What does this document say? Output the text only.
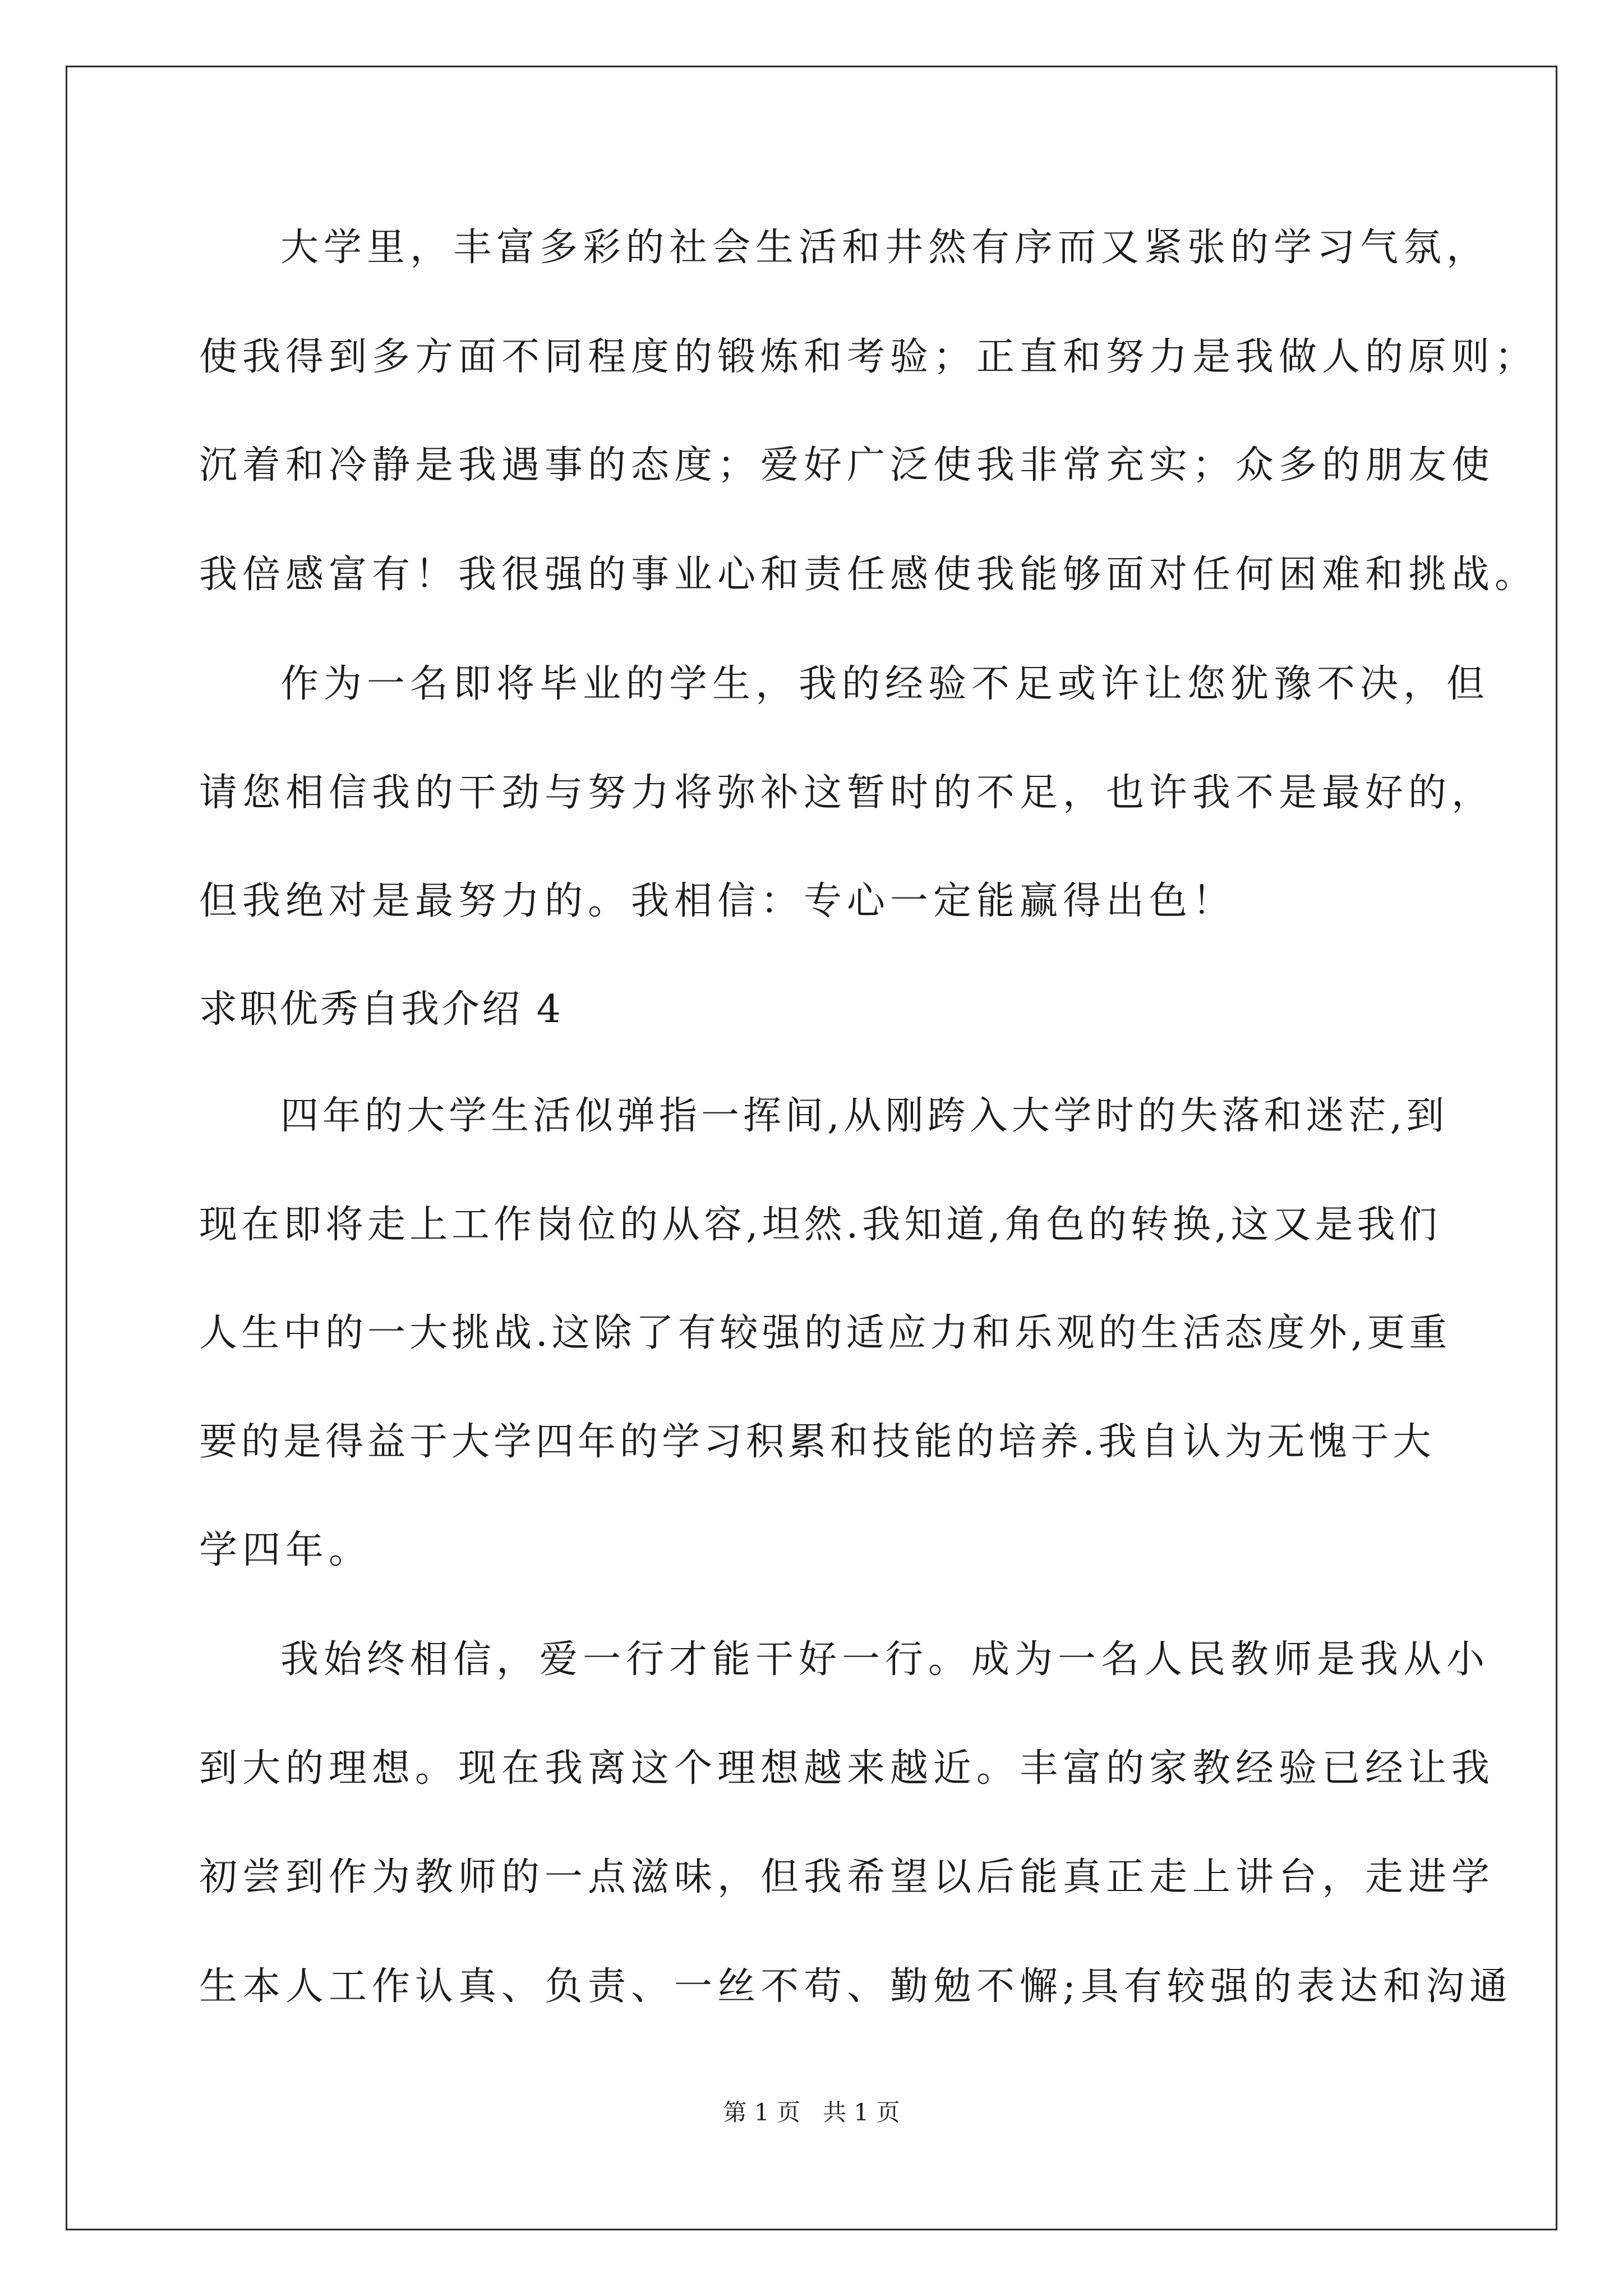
大学里，丰富多彩的社会生活和井然有序而又紧张的学习气氛，
使我得到多方面不同程度的锻炼和考验；正直和努力是我做人的原则；
沉着和冷静是我遇事的态度；爱好广泛使我非常充实；众多的朋友使
我倍感富有！我很强的事业心和责任感使我能够面对任何困难和挑战。
作为一名即将毕业的学生，我的经验不足或许让您犹豫不决，但
请您相信我的干劲与努力将弥补这暂时的不足，也许我不是最好的，
但我绝对是最努力的。我相信：专心一定能赢得出色！
求职优秀自我介绍 4
四年的大学生活似弹指一挥间,从刚跨入大学时的失落和迷茫,到
现在即将走上工作岗位的从容,坦然.我知道,角色的转换,这又是我们
人生中的一大挑战.这除了有较强的适应力和乐观的生活态度外,更重
要的是得益于大学四年的学习积累和技能的培养.我自认为无愧于大
学四年。
我始终相信，爱一行才能干好一行。成为一名人民教师是我从小
到大的理想。现在我离这个理想越来越近。丰富的家教经验已经让我
初尝到作为教师的一点滋味，但我希望以后能真正走上讲台，走进学
生本人工作认真、负责、一丝不苟、勤勉不懈;具有较强的表达和沟通
第 1 页   共 1 页
